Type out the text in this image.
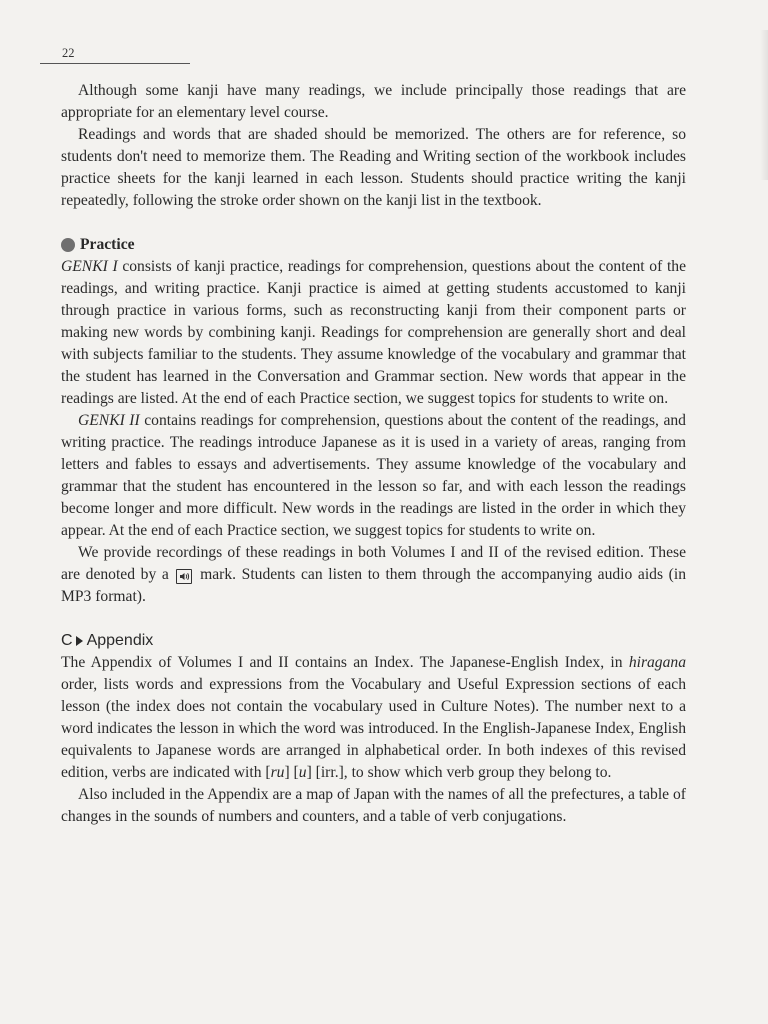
22

Although some kanji have many readings, we include principally those readings that are appropriate for an elementary level course.

Readings and words that are shaded should be memorized. The others are for reference, so students don't need to memorize them. The Reading and Writing section of the workbook includes practice sheets for the kanji learned in each lesson. Students should practice writing the kanji repeatedly, following the stroke order shown on the kanji list in the textbook.

Practice

GENKI I consists of kanji practice, readings for comprehension, questions about the content of the readings, and writing practice. Kanji practice is aimed at getting students accustomed to kanji through practice in various forms, such as reconstructing kanji from their component parts or making new words by combining kanji. Readings for comprehension are generally short and deal with subjects familiar to the students. They assume knowledge of the vocabulary and grammar that the student has learned in the Conversation and Grammar section. New words that appear in the readings are listed. At the end of each Practice section, we suggest topics for students to write on.

GENKI II contains readings for comprehension, questions about the content of the readings, and writing practice. The readings introduce Japanese as it is used in a variety of areas, ranging from letters and fables to essays and advertisements. They assume knowledge of the vocabulary and grammar that the student has encountered in the lesson so far, and with each lesson the readings become longer and more difficult. New words in the readings are listed in the order in which they appear. At the end of each Practice section, we suggest topics for students to write on.

We provide recordings of these readings in both Volumes I and II of the revised edition. These are denoted by a
mark. Students can listen to them through the accompanying audio aids (in MP3 format).

C Appendix

The Appendix of Volumes I and II contains an Index. The Japanese-English Index, in hiragana order, lists words and expressions from the Vocabulary and Useful Expression sections of each lesson (the index does not contain the vocabulary used in Culture Notes). The number next to a word indicates the lesson in which the word was introduced. In the English-Japanese Index, English equivalents to Japanese words are arranged in alphabetical order. In both indexes of this revised edition, verbs are indicated with [ru] [u] [irr.], to show which verb group they belong to.

Also included in the Appendix are a map of Japan with the names of all the prefectures, a table of changes in the sounds of numbers and counters, and a table of verb conjugations.
